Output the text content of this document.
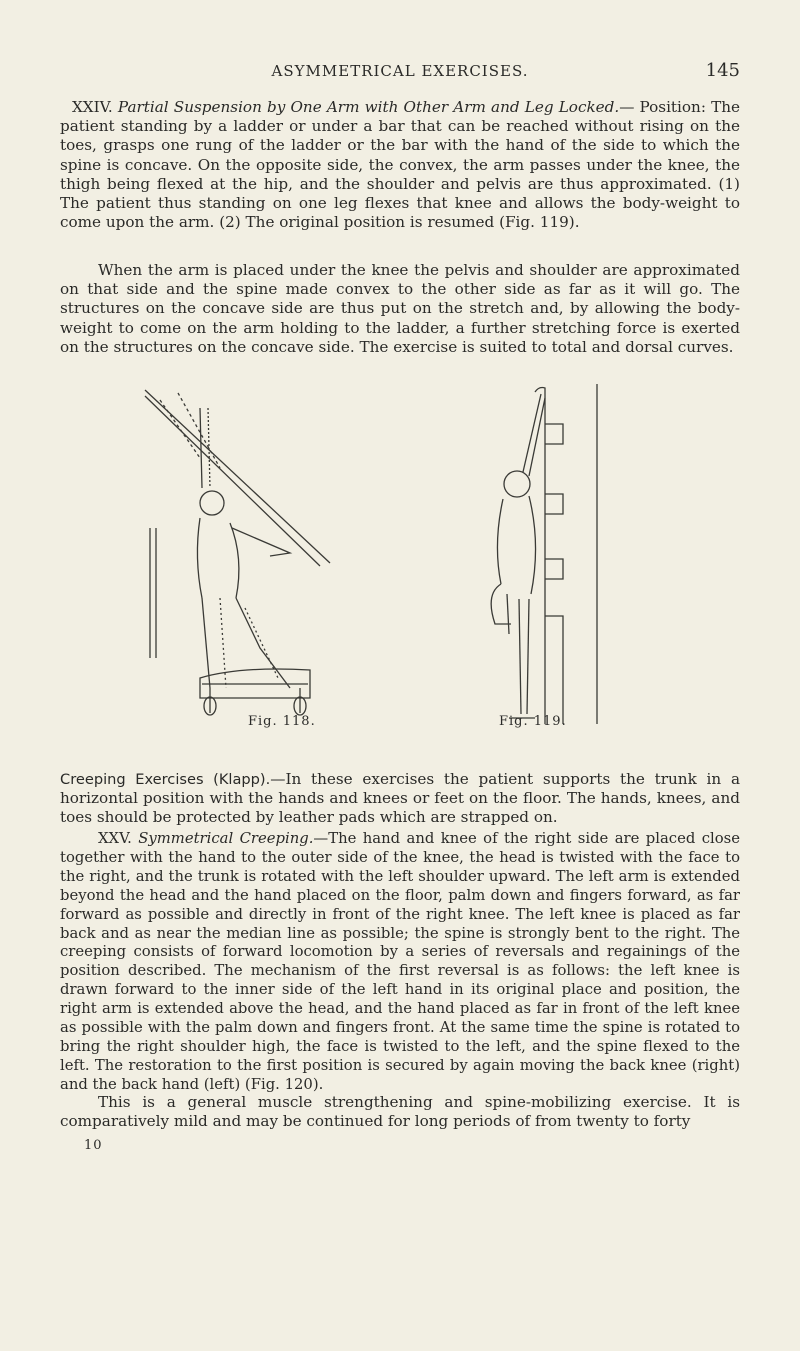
ASYMMETRICAL EXERCISES.	145

XXIV. Partial Suspension by One Arm with Other Arm and Leg Locked.— Position: The patient standing by a ladder or under a bar that can be reached without rising on the toes, grasps one rung of the ladder or the bar with the hand of the side to which the spine is concave. On the opposite side, the convex, the arm passes under the knee, the thigh being flexed at the hip, and the shoulder and pelvis are thus approximated. (1) The patient thus standing on one leg flexes that knee and allows the body-weight to come upon the arm. (2) The original position is resumed (Fig. 119).

When the arm is placed under the knee the pelvis and shoulder are approximated on that side and the spine made convex to the other side as far as it will go. The structures on the concave side are thus put on the stretch and, by allowing the body-weight to come on the arm holding to the ladder, a further stretching force is exerted on the structures on the concave side. The exercise is suited to total and dorsal curves.

Fig. 118.	Fig. 119.

Creeping Exercises (Klapp).—In these exercises the patient supports the trunk in a horizontal position with the hands and knees or feet on the floor. The hands, knees, and toes should be protected by leather pads which are strapped on.

XXV. Symmetrical Creeping.—The hand and knee of the right side are placed close together with the hand to the outer side of the knee, the head is twisted with the face to the right, and the trunk is rotated with the left shoulder upward. The left arm is extended beyond the head and the hand placed on the floor, palm down and fingers forward, as far forward as possible and directly in front of the right knee. The left knee is placed as far back and as near the median line as possible; the spine is strongly bent to the right. The creeping consists of forward locomotion by a series of reversals and regainings of the position described. The mechanism of the first reversal is as follows: the left knee is drawn forward to the inner side of the left hand in its original place and position, the right arm is extended above the head, and the hand placed as far in front of the left knee as possible with the palm down and fingers front. At the same time the spine is rotated to bring the right shoulder high, the face is twisted to the left, and the spine flexed to the left. The restoration to the first position is secured by again moving the back knee (right) and the back hand (left) (Fig. 120).

This is a general muscle strengthening and spine-mobilizing exercise. It is comparatively mild and may be continued for long periods of from twenty to forty

10
